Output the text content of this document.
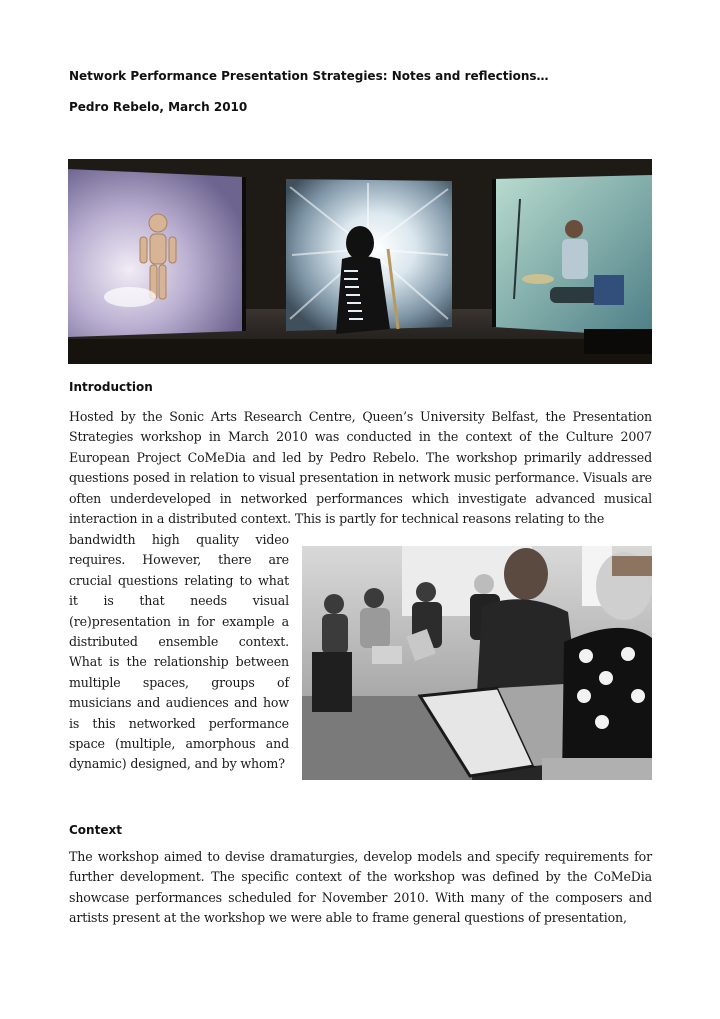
Network Performance Presentation Strategies: Notes and reflections…
Pedro Rebelo, March 2010
Introduction

Hosted by the Sonic Arts Research Centre, Queen’s University Belfast, the Presentation Strategies workshop in March 2010 was conducted in the context of the Culture 2007 European Project CoMeDia and led by Pedro Rebelo. The workshop primarily addressed questions posed in relation to visual presentation in network music performance. Visuals are often underdeveloped in networked performances which investigate advanced musical interaction in a distributed context. This is partly for technical reasons relating to the

bandwidth high quality video requires. However, there are crucial questions relating to what it is that needs visual (re)presentation in for example a distributed ensemble context. What is the relationship between multiple spaces, groups of musicians and audiences and how is this networked performance space (multiple, amorphous and dynamic) designed, and by whom?

Context

The workshop aimed to devise dramaturgies, develop models and specify requirements for further development. The specific context of the workshop was defined by the CoMeDia showcase performances scheduled for November 2010. With many of the composers and artists present at the workshop we were able to frame general questions of presentation,
